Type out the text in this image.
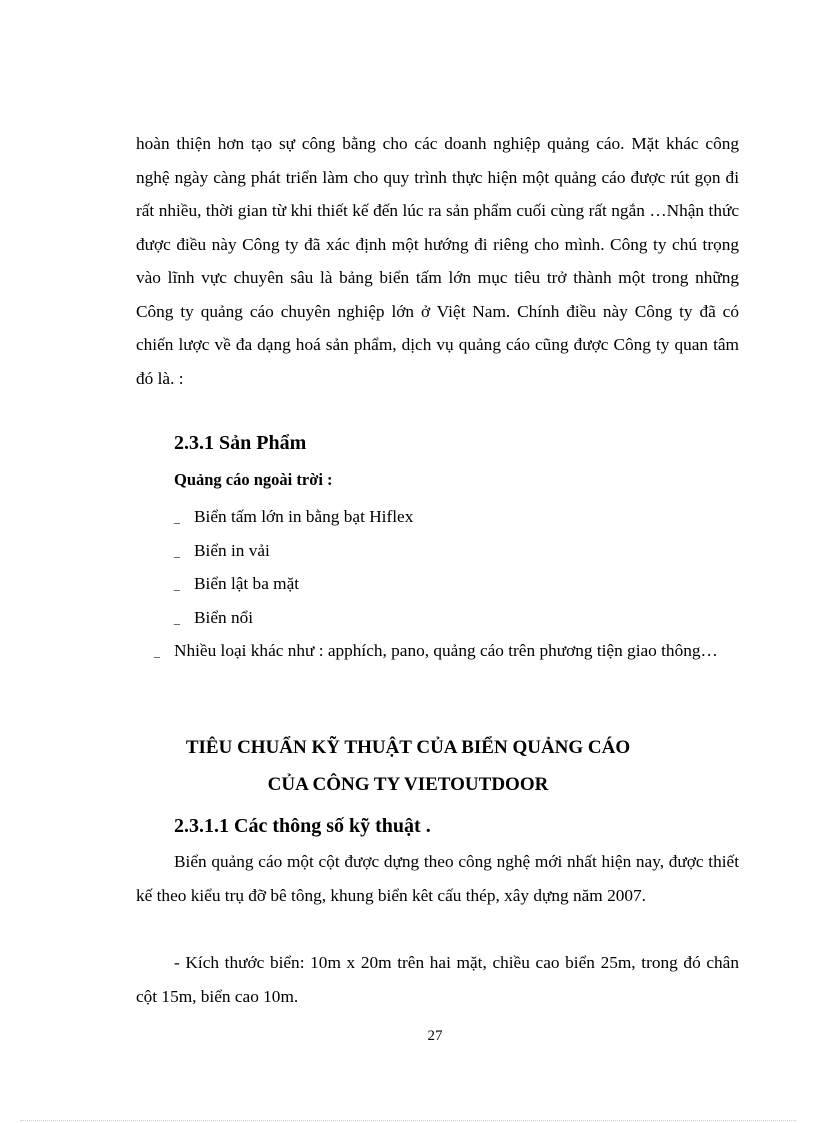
hoàn thiện hơn tạo sự công bằng cho các doanh nghiệp quảng cáo. Mặt khác công nghệ ngày càng phát triển làm cho quy trình thực hiện một quảng cáo được rút gọn đi rất nhiều, thời gian từ khi thiết kế đến lúc ra sản phẩm cuối cùng rất ngắn …Nhận thức được điều này Công ty đã xác định một hướng đi riêng cho mình. Công ty chú trọng vào lĩnh vực chuyên sâu là bảng biển tấm lớn mục tiêu trở thành một trong những Công ty quảng cáo chuyên nghiệp lớn ở Việt Nam. Chính điều này Công ty đã có chiến lược về đa dạng hoá sản phẩm, dịch vụ quảng cáo cũng được Công ty quan tâm đó là. :
2.3.1 Sản Phẩm
Quảng cáo ngoài trời :
_ Biển tấm lớn in bằng bạt Hiflex
_ Biển in vải
_ Biển lật ba mặt
_ Biển nổi
_ Nhiều loại khác như : apphích, pano, quảng cáo trên phương tiện giao thông…
TIÊU CHUẨN KỸ THUẬT CỦA BIỂN QUẢNG CÁO
CỦA CÔNG TY VIETOUTDOOR
2.3.1.1 Các thông số kỹ thuật .
Biển quảng cáo một cột được dựng theo công nghệ mới nhất hiện nay, được thiết kế theo kiểu trụ đỡ bê tông, khung biển kêt cấu thép, xây dựng năm 2007.
- Kích thước biển: 10m x 20m trên hai mặt, chiều cao biển 25m, trong đó chân cột 15m, biển cao 10m.
27
